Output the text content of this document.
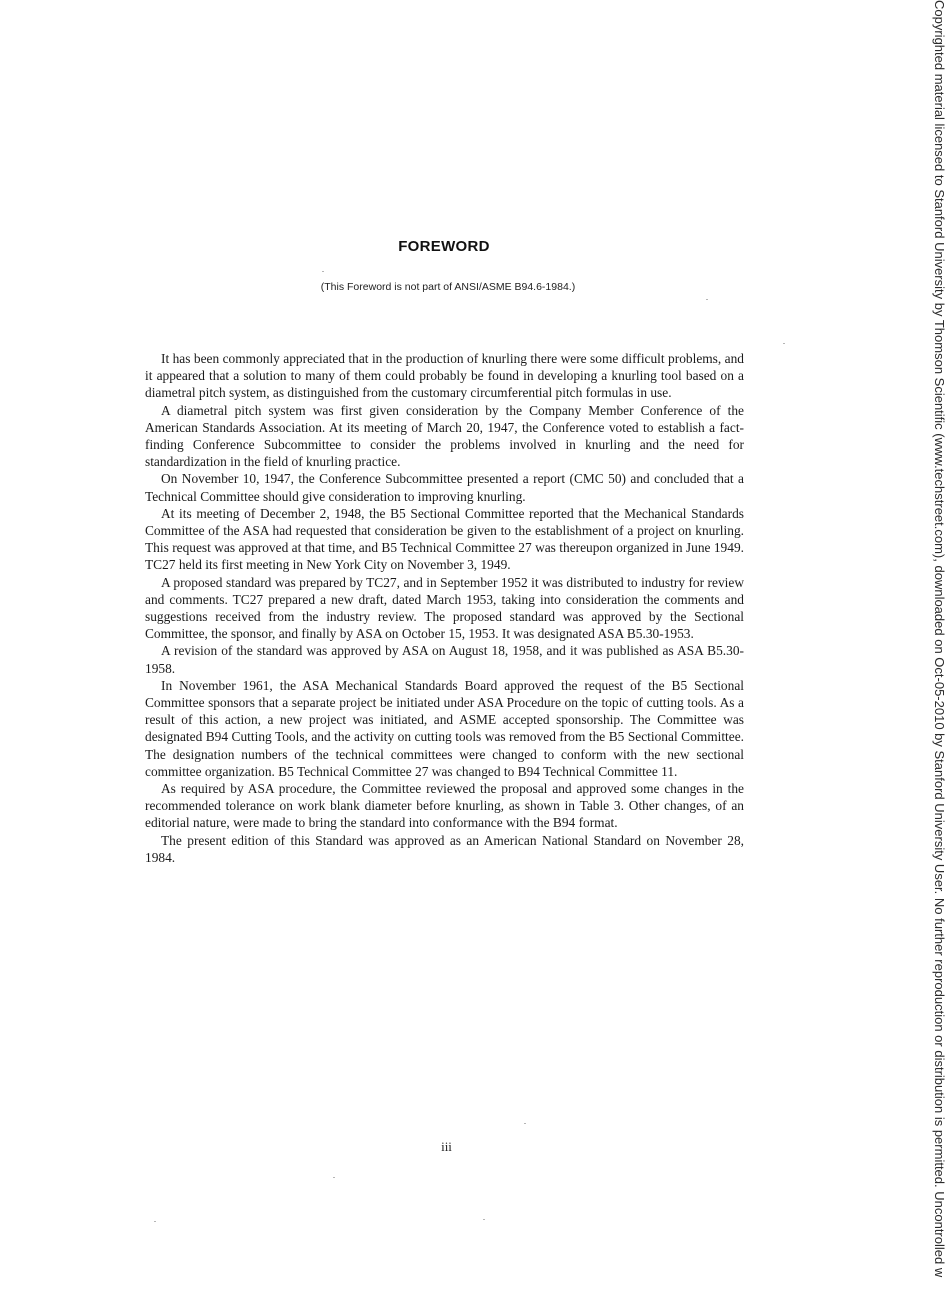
FOREWORD
(This Foreword is not part of ANSI/ASME B94.6-1984.)

It has been commonly appreciated that in the production of knurling there were some difficult problems, and it appeared that a solution to many of them could probably be found in developing a knurling tool based on a diametral pitch system, as distinguished from the customary circumferential pitch formulas in use.

A diametral pitch system was first given consideration by the Company Member Conference of the American Standards Association. At its meeting of March 20, 1947, the Conference voted to establish a fact-finding Conference Subcommittee to consider the problems involved in knurling and the need for standardization in the field of knurling practice.

On November 10, 1947, the Conference Subcommittee presented a report (CMC 50) and concluded that a Technical Committee should give consideration to improving knurling.

At its meeting of December 2, 1948, the B5 Sectional Committee reported that the Mechanical Standards Committee of the ASA had requested that consideration be given to the establishment of a project on knurling. This request was approved at that time, and B5 Technical Committee 27 was thereupon organized in June 1949. TC27 held its first meeting in New York City on November 3, 1949.

A proposed standard was prepared by TC27, and in September 1952 it was distributed to industry for review and comments. TC27 prepared a new draft, dated March 1953, taking into consideration the comments and suggestions received from the industry review. The proposed standard was approved by the Sectional Committee, the sponsor, and finally by ASA on October 15, 1953. It was designated ASA B5.30-1953.

A revision of the standard was approved by ASA on August 18, 1958, and it was published as ASA B5.30-1958.

In November 1961, the ASA Mechanical Standards Board approved the request of the B5 Sectional Committee sponsors that a separate project be initiated under ASA Procedure on the topic of cutting tools. As a result of this action, a new project was initiated, and ASME accepted sponsorship. The Committee was designated B94 Cutting Tools, and the activity on cutting tools was removed from the B5 Sectional Committee. The designation numbers of the technical committees were changed to conform with the new sectional committee organization. B5 Technical Committee 27 was changed to B94 Technical Committee 11.

As required by ASA procedure, the Committee reviewed the proposal and approved some changes in the recommended tolerance on work blank diameter before knurling, as shown in Table 3. Other changes, of an editorial nature, were made to bring the standard into conformance with the B94 format.

The present edition of this Standard was approved as an American National Standard on November 28, 1984.

iii	Copyrighted material licensed to Stanford University by Thomson Scientific (www.techstreet.com), downloaded on Oct-05-2010 by Stanford University User. No further reproduction or distribution is permitted. Uncontrolled w
